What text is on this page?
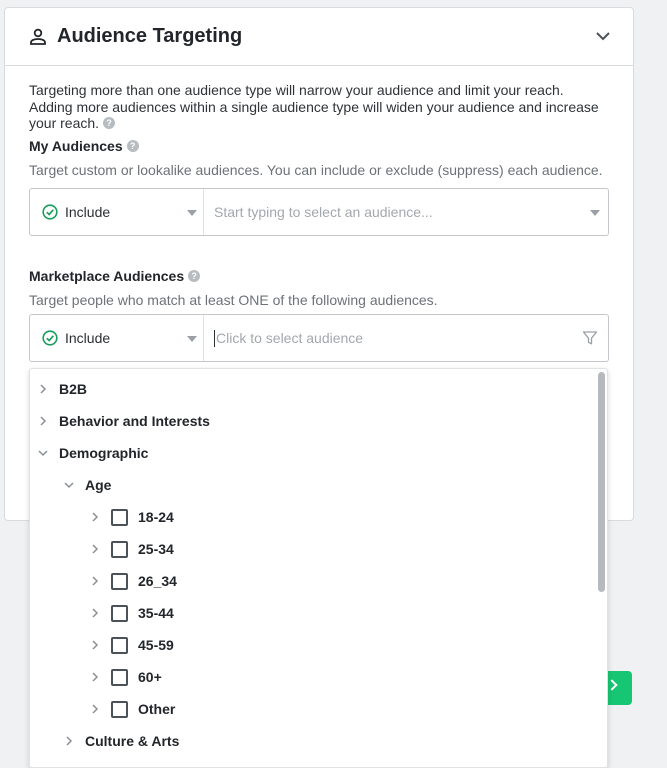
Audience Targeting

Targeting more than one audience type will narrow your audience and limit your reach. Adding more audiences within a single audience type will widen your audience and increase your reach. ?

My Audiences ?

Target custom or lookalike audiences. You can include or exclude (suppress) each audience.

Include	Start typing to select an audience...
Marketplace Audiences ?

Target people who match at least ONE of the following audiences.

Include	Click to select audience
B2B
Behavior and Interests
Demographic
Age
18-24
25-34
26_34
35-44
45-59
60+
Other
Culture & Arts
